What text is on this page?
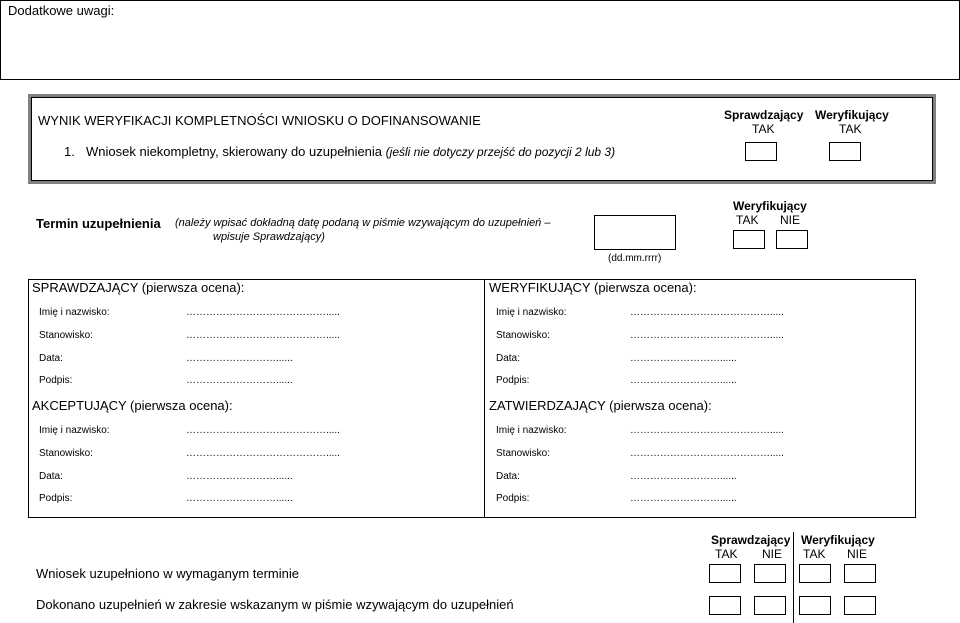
Dodatkowe uwagi:
WYNIK WERYFIKACJI KOMPLETNOŚCI WNIOSKU O DOFINANSOWANIE	Sprawdzający Weryfikujący
TAK	TAK
1. Wniosek niekompletny, skierowany do uzupełnienia (jeśli nie dotyczy przejść do pozycji 2 lub 3)
Termin uzupełnienia (należy wpisać dokładną datę podaną w piśmie wzywającym do uzupełnień –
wpisuje Sprawdzający)
(dd.mm.rrrr)
Weryfikujący
TAK NIE
SPRAWDZAJĄCY (pierwsza ocena):
Imię i nazwisko:	…………………………………….....
Stanowisko:	…………………………………….....
Data:	………………………......
Podpis:	………………………......
WERYFIKUJĄCY (pierwsza ocena):
Imię i nazwisko:	…………………………………….....
Stanowisko:	…………………………………….....
Data:	………………………......
Podpis:	………………………......
AKCEPTUJĄCY (pierwsza ocena):
Imię i nazwisko:	…………………………………….....
Stanowisko:	…………………………………….....
Data:	………………………......
Podpis:	………………………......
ZATWIERDZAJĄCY (pierwsza ocena):
Imię i nazwisko:	…………………………………….....
Stanowisko:	…………………………………….....
Data:	………………………......
Podpis:	………………………......
Sprawdzający Weryfikujący
TAK NIE TAK NIE
Wniosek uzupełniono w wymaganym terminie
Dokonano uzupełnień w zakresie wskazanym w piśmie wzywającym do uzupełnień
